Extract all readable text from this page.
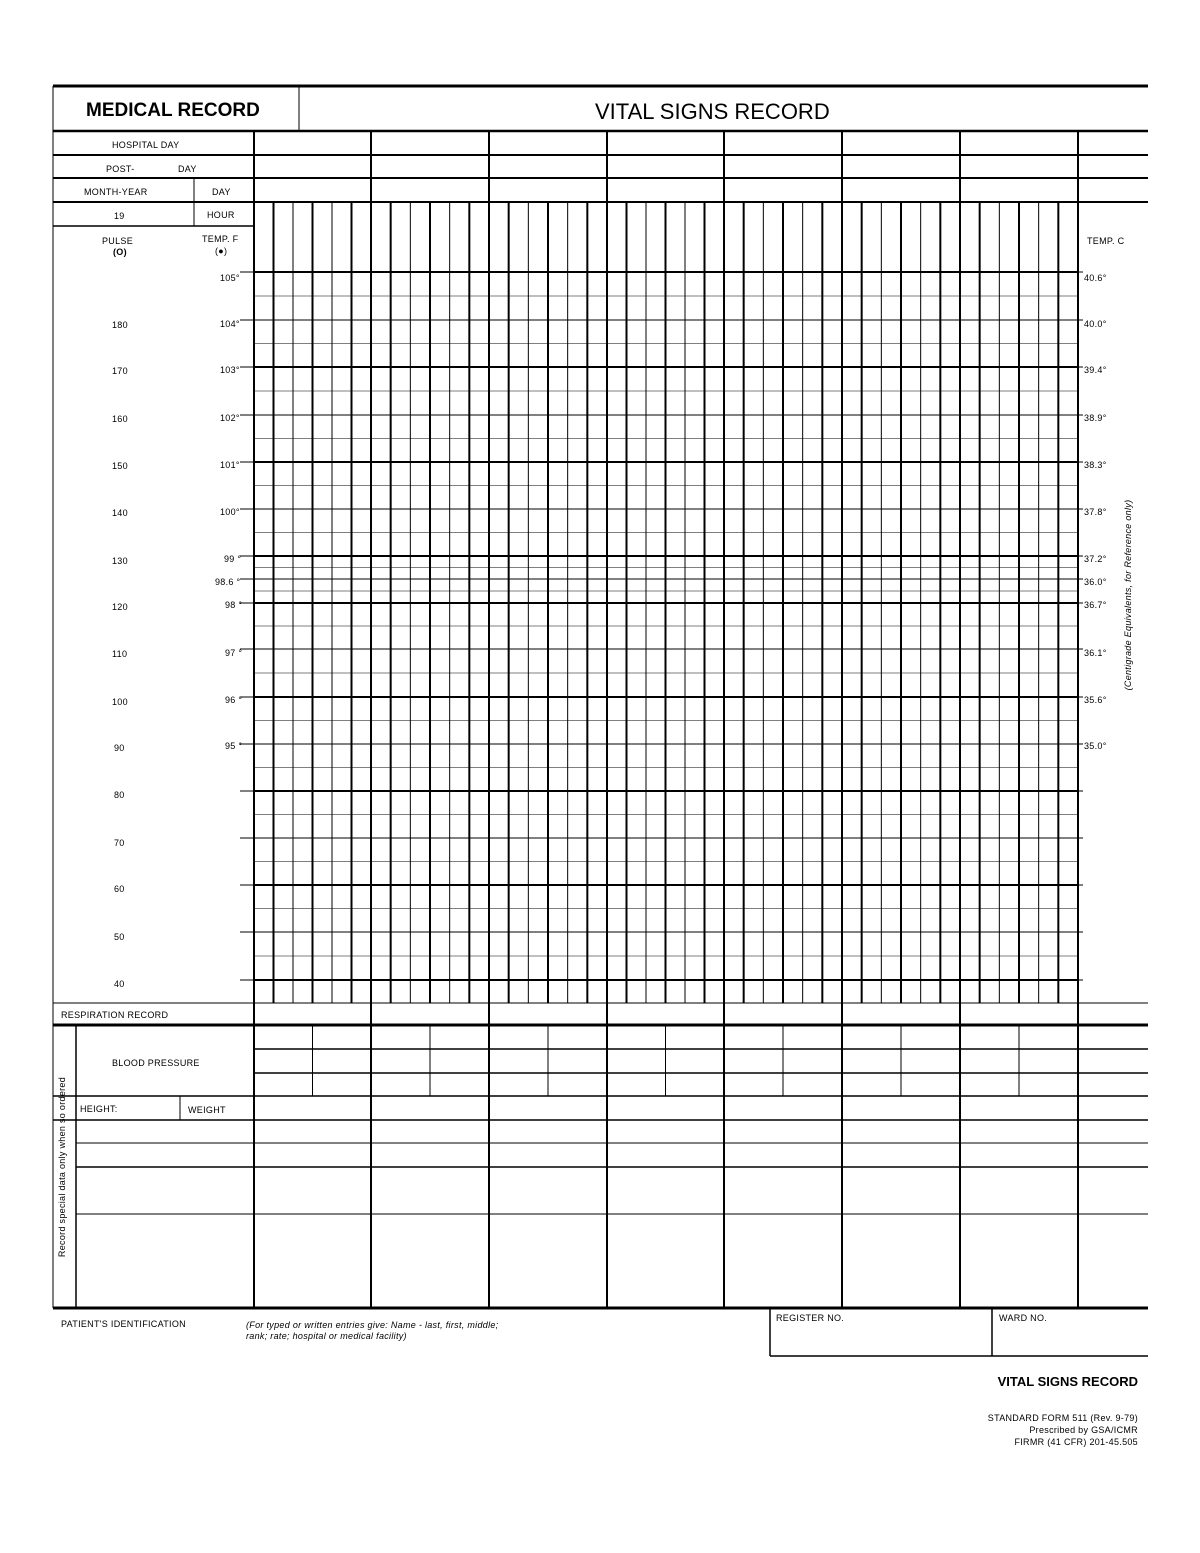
MEDICAL RECORD	VITAL SIGNS RECORD
HOSPITAL DAY
POST-	DAY
MONTH-YEAR	DAY
19	HOUR
PULSE
(O)
TEMP. F
(●)
TEMP. C
180
170
160
150
140
130
120
110
100
90
80
70
60
50
40
105°
104°
103°
102°
101°
100°
99 °
98.6 °
98 °
97 °
96 °
95 °
40.6°
40.0°
39.4°
38.9°
38.3°
37.8°
37.2°
36.0°
36.7°
36.1°
35.6°
35.0°
(Centigrade Equivalents, for Reference only)
RESPIRATION RECORD
BLOOD PRESSURE
HEIGHT:	WEIGHT
Record special data only when so ordered
PATIENT'S IDENTIFICATION	(For typed or written entries give: Name - last, first, middle;
rank; rate; hospital or medical facility)
REGISTER NO.	WARD NO.
VITAL SIGNS RECORD
STANDARD FORM 511 (Rev. 9-79)
Prescribed by GSA/ICMR
FIRMR (41 CFR) 201-45.505
